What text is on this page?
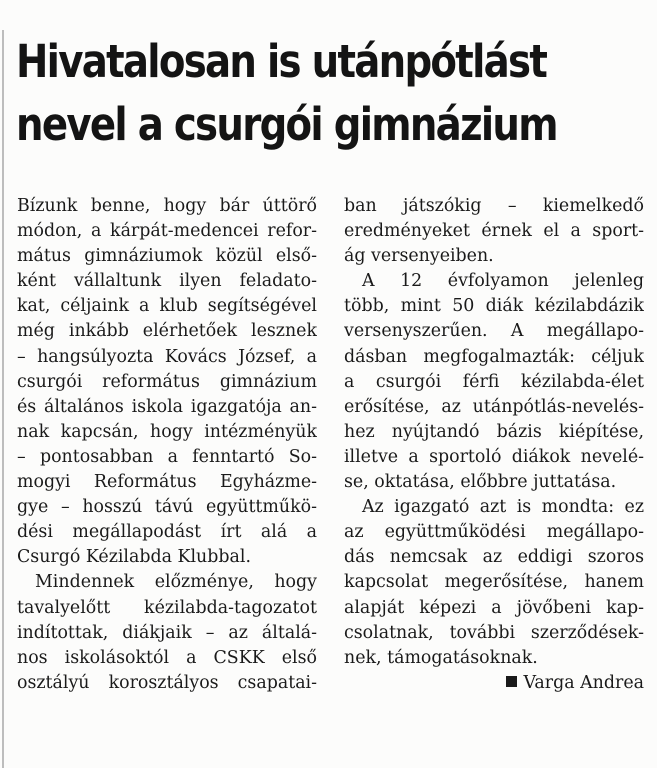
Hivatalosan is utánpótlást
nevel a csurgói gimnázium

Bízunk benne, hogy bár úttörő
módon, a kárpát-medencei refor-
mátus gimnáziumok közül első-
ként vállaltunk ilyen feladato-
kat, céljaink a klub segítségével
még inkább elérhetőek lesznek
– hangsúlyozta Kovács József, a
csurgói református gimnázium
és általános iskola igazgatója an-
nak kapcsán, hogy intézményük
– pontosabban a fenntartó So-
mogyi Református Egyházme-
gye – hosszú távú együttműkö-
dési megállapodást írt alá a
Csurgó Kézilabda Klubbal.

Mindennek előzménye, hogy
tavalyelőtt kézilabda-tagozatot
indítottak, diákjaik – az általá-
nos iskolásoktól a CSKK első
osztályú korosztályos csapatai-

ban játszókig – kiemelkedő
eredményeket érnek el a sport-
ág versenyeiben.

A 12 évfolyamon jelenleg
több, mint 50 diák kézilabdázik
versenyszerűen. A megállapo-
dásban megfogalmazták: céljuk
a csurgói férfi kézilabda-élet
erősítése, az utánpótlás-nevelés-
hez nyújtandó bázis kiépítése,
illetve a sportoló diákok nevelé-
se, oktatása, előbbre juttatása.

Az igazgató azt is mondta: ez
az együttműködési megállapo-
dás nemcsak az eddigi szoros
kapcsolat megerősítése, hanem
alapját képezi a jövőbeni kap-
csolatnak, további szerződések-
nek, támogatásoknak.

Varga Andrea
